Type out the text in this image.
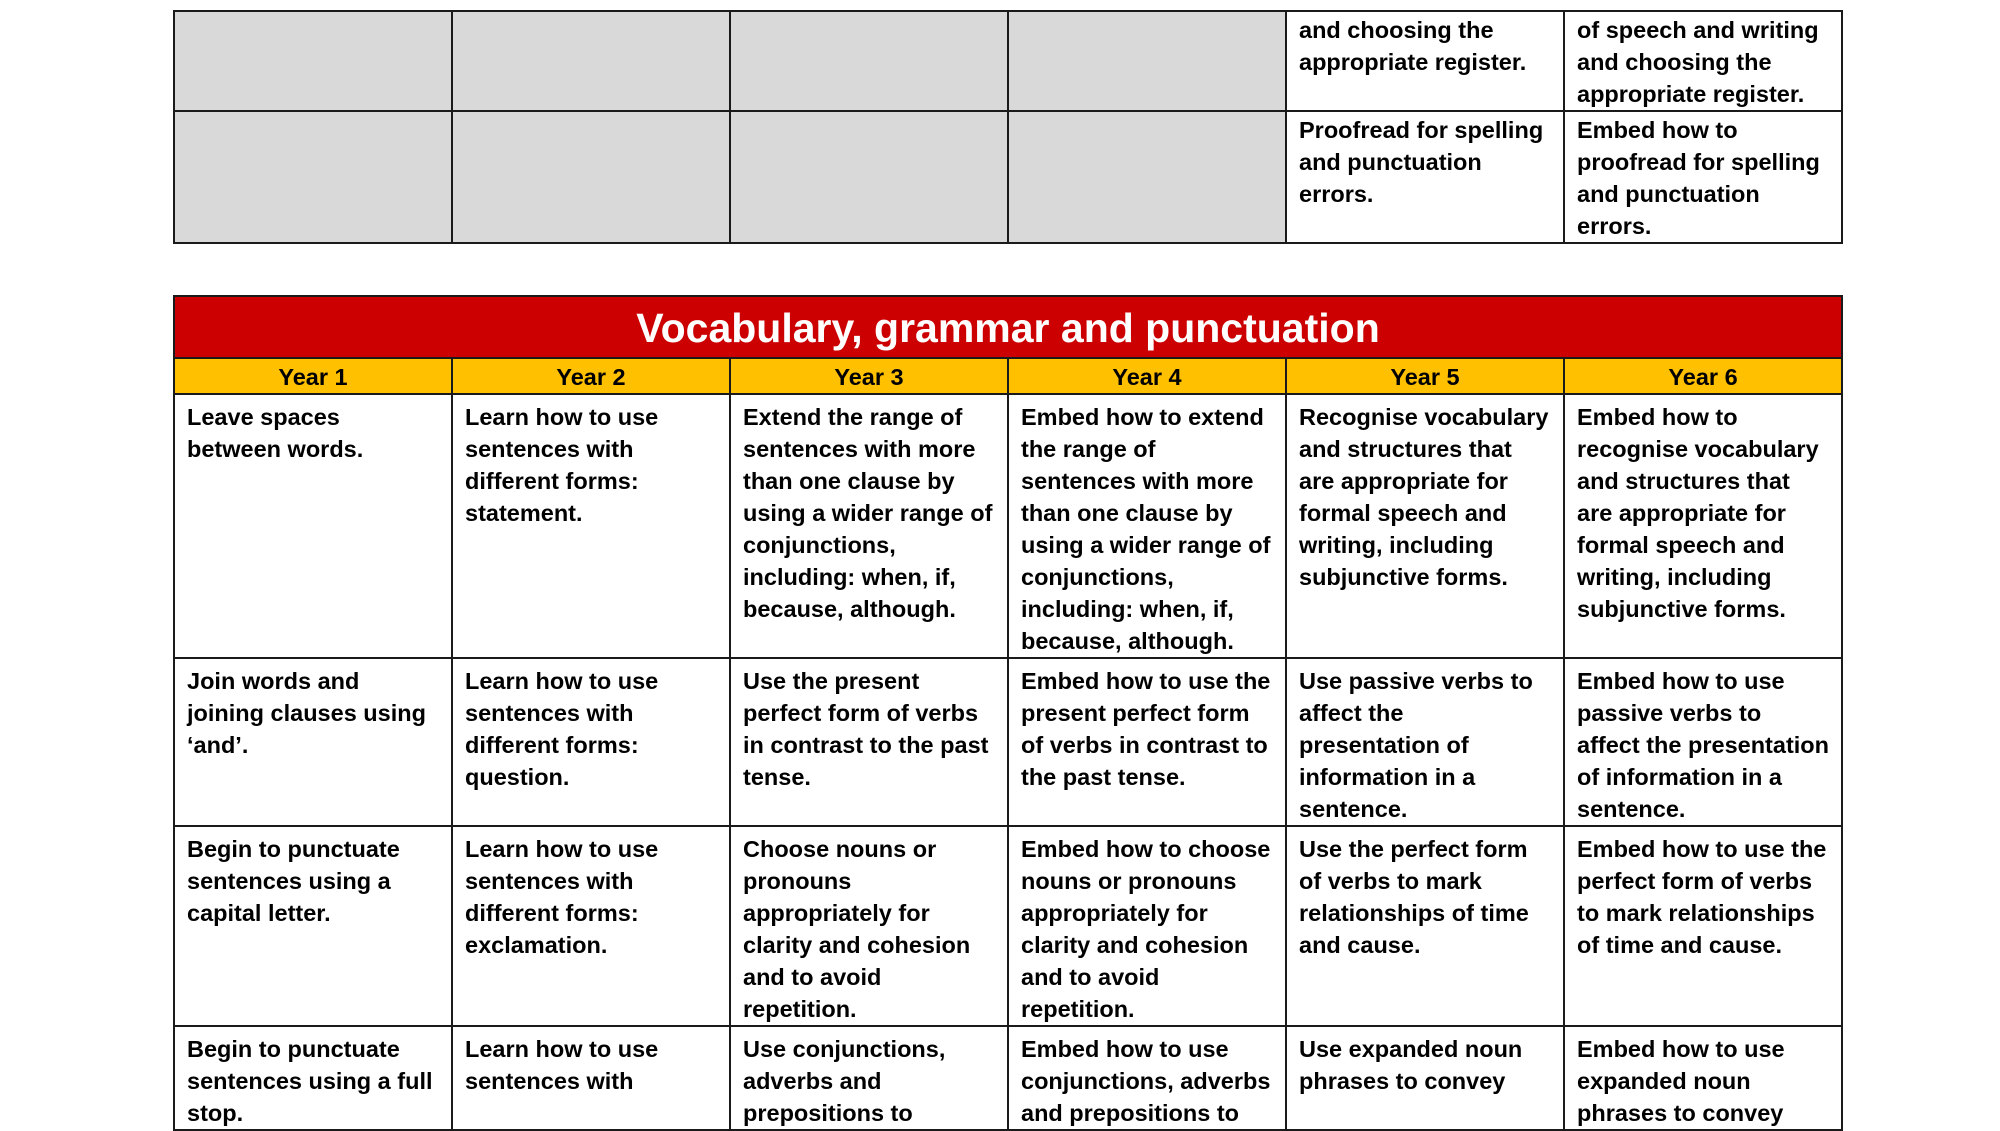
				and choosing the appropriate register.	of speech and writing and choosing the appropriate register.
				Proofread for spelling and punctuation errors.	Embed how to proofread for spelling and punctuation errors.
Vocabulary, grammar and punctuation					
Year 1	Year 2	Year 3	Year 4	Year 5	Year 6
Leave spaces between words.	Learn how to use sentences with different forms: statement.	Extend the range of sentences with more than one clause by using a wider range of conjunctions, including: when, if, because, although.	Embed how to extend the range of sentences with more than one clause by using a wider range of conjunctions, including: when, if, because, although.	Recognise vocabulary and structures that are appropriate for formal speech and writing, including subjunctive forms.	Embed how to recognise vocabulary and structures that are appropriate for formal speech and writing, including subjunctive forms.
Join words and joining clauses using ‘and’.	Learn how to use sentences with different forms: question.	Use the present perfect form of verbs in contrast to the past tense.	Embed how to use the present perfect form of verbs in contrast to the past tense.	Use passive verbs to affect the presentation of information in a sentence.	Embed how to use passive verbs to affect the presentation of information in a sentence.
Begin to punctuate sentences using a capital letter.	Learn how to use sentences with different forms: exclamation.	Choose nouns or pronouns appropriately for clarity and cohesion and to avoid repetition.	Embed how to choose nouns or pronouns appropriately for clarity and cohesion and to avoid repetition.	Use the perfect form of verbs to mark relationships of time and cause.	Embed how to use the perfect form of verbs to mark relationships of time and cause.
Begin to punctuate sentences using a full stop.	Learn how to use sentences with	Use conjunctions, adverbs and prepositions to	Embed how to use conjunctions, adverbs and prepositions to	Use expanded noun phrases to convey	Embed how to use expanded noun phrases to convey
